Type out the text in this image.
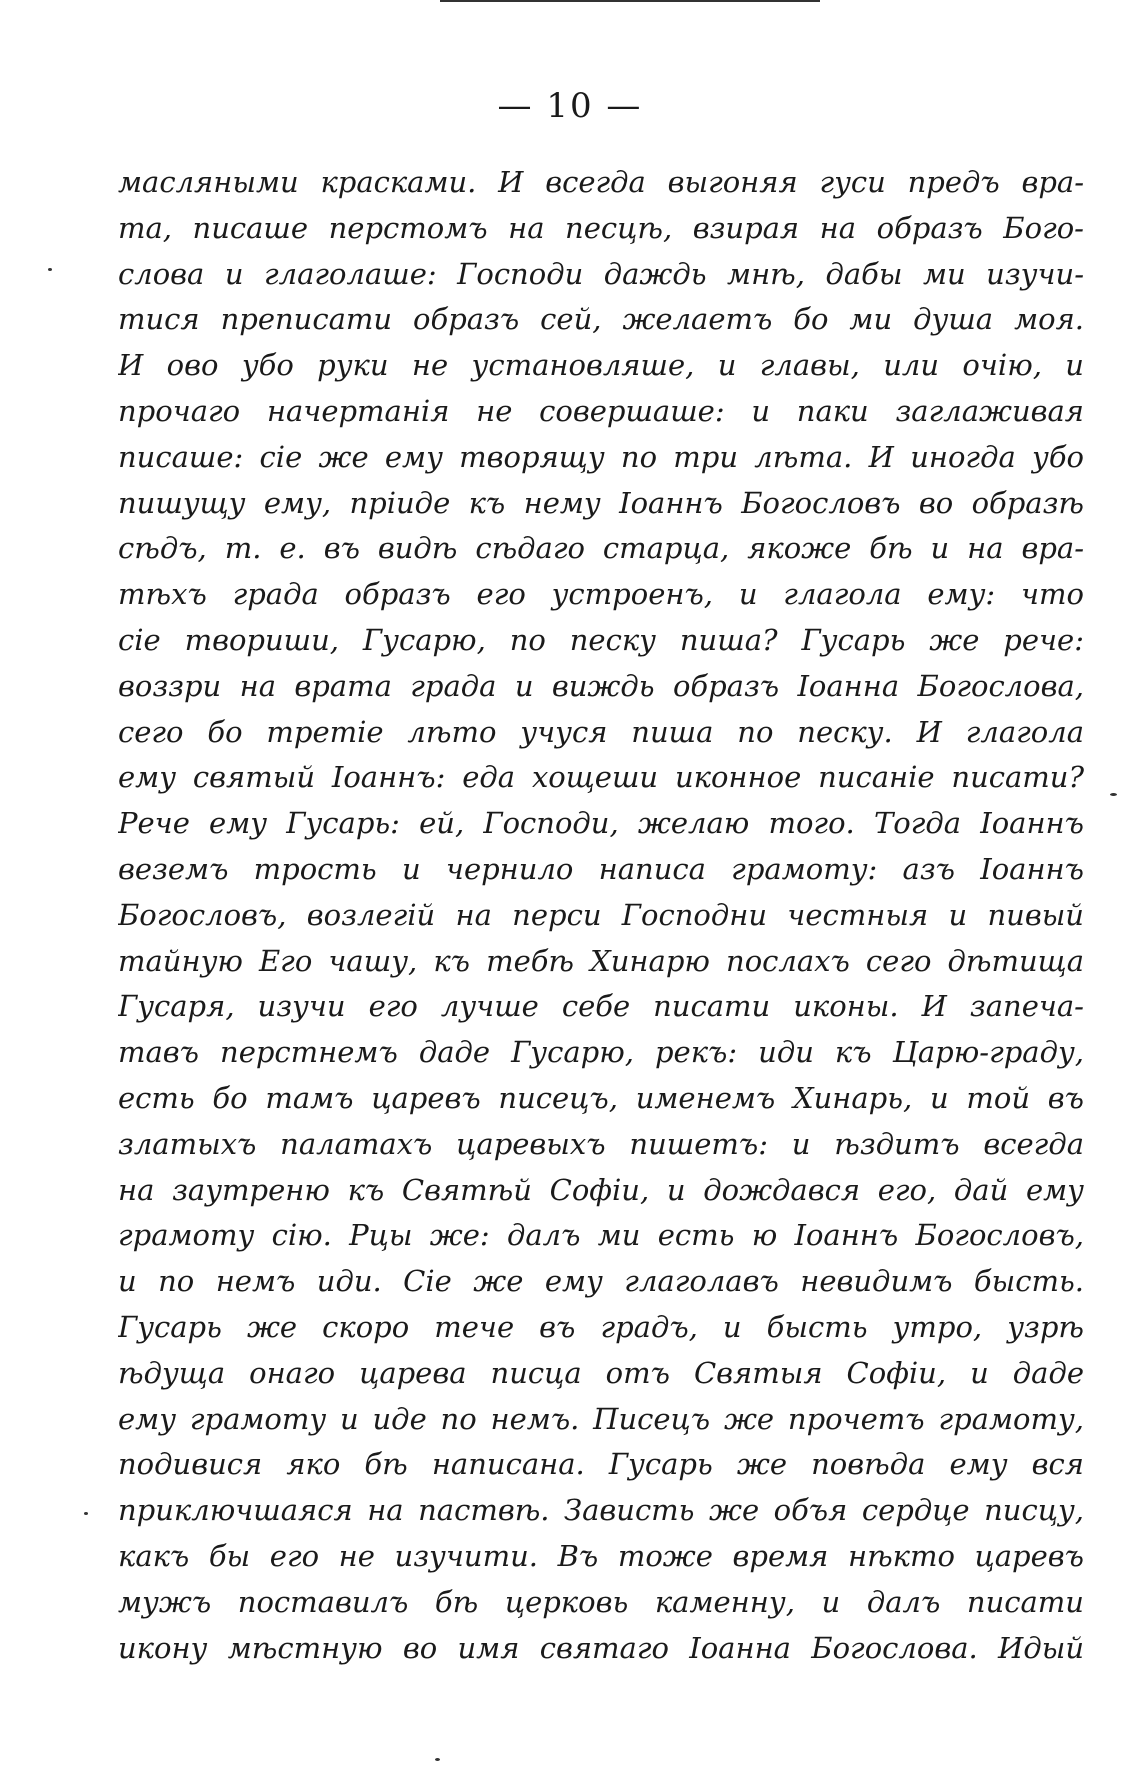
— 10 —
масляными красками. И всегда выгоняя гуси предъ вра-
та, писаше перстомъ на песцѣ, взирая на образъ Бого-
слова и глаголаше: Господи даждь мнѣ, дабы ми изучи-
тися преписати образъ сей, желаетъ бо ми душа моя.
И ово убо руки не установляше, и главы, или очію, и
прочаго начертанія не совершаше: и паки заглаживая
писаше: сіе же ему творящу по три лѣта. И иногда убо
пишущу ему, пріиде къ нему Іоаннъ Богословъ во образѣ
сѣдъ, т. е. въ видѣ сѣдаго старца, якоже бѣ и на вра-
тѣхъ града образъ его устроенъ, и глагола ему: что
сіе твориши, Гусарю, по песку пиша? Гусарь же рече:
воззри на врата града и виждь образъ Іоанна Богослова,
сего бо третіе лѣто учуся пиша по песку. И глагола
ему святый Іоаннъ: еда хощеши иконное писаніе писати?
Рече ему Гусарь: ей, Господи, желаю того. Тогда Іоаннъ
веземъ трость и чернило написа грамоту: азъ Іоаннъ
Богословъ, возлегій на перси Господни честныя и пивый
тайную Его чашу, къ тебѣ Хинарю послахъ сего дѣтища
Гусаря, изучи его лучше себе писати иконы. И запеча-
тавъ перстнемъ даде Гусарю, рекъ: иди къ Царю-граду,
есть бо тамъ царевъ писецъ, именемъ Хинарь, и той въ
златыхъ палатахъ царевыхъ пишетъ: и ѣздитъ всегда
на заутреню къ Святѣй Софіи, и дождався его, дай ему
грамоту сію. Рцы же: далъ ми есть ю Іоаннъ Богословъ,
и по немъ иди. Сіе же ему глаголавъ невидимъ бысть.
Гусарь же скоро тече въ градъ, и бысть утро, узрѣ
ѣдуща онаго царева писца отъ Святыя Софіи, и даде
ему грамоту и иде по немъ. Писецъ же прочетъ грамоту,
подивися яко бѣ написана. Гусарь же повѣда ему вся
приключшаяся на паствѣ. Зависть же объя сердце писцу,
какъ бы его не изучити. Въ тоже время нѣкто царевъ
мужъ поставилъ бѣ церковь каменну, и далъ писати
икону мѣстную во имя святаго Іоанна Богослова. Идый
